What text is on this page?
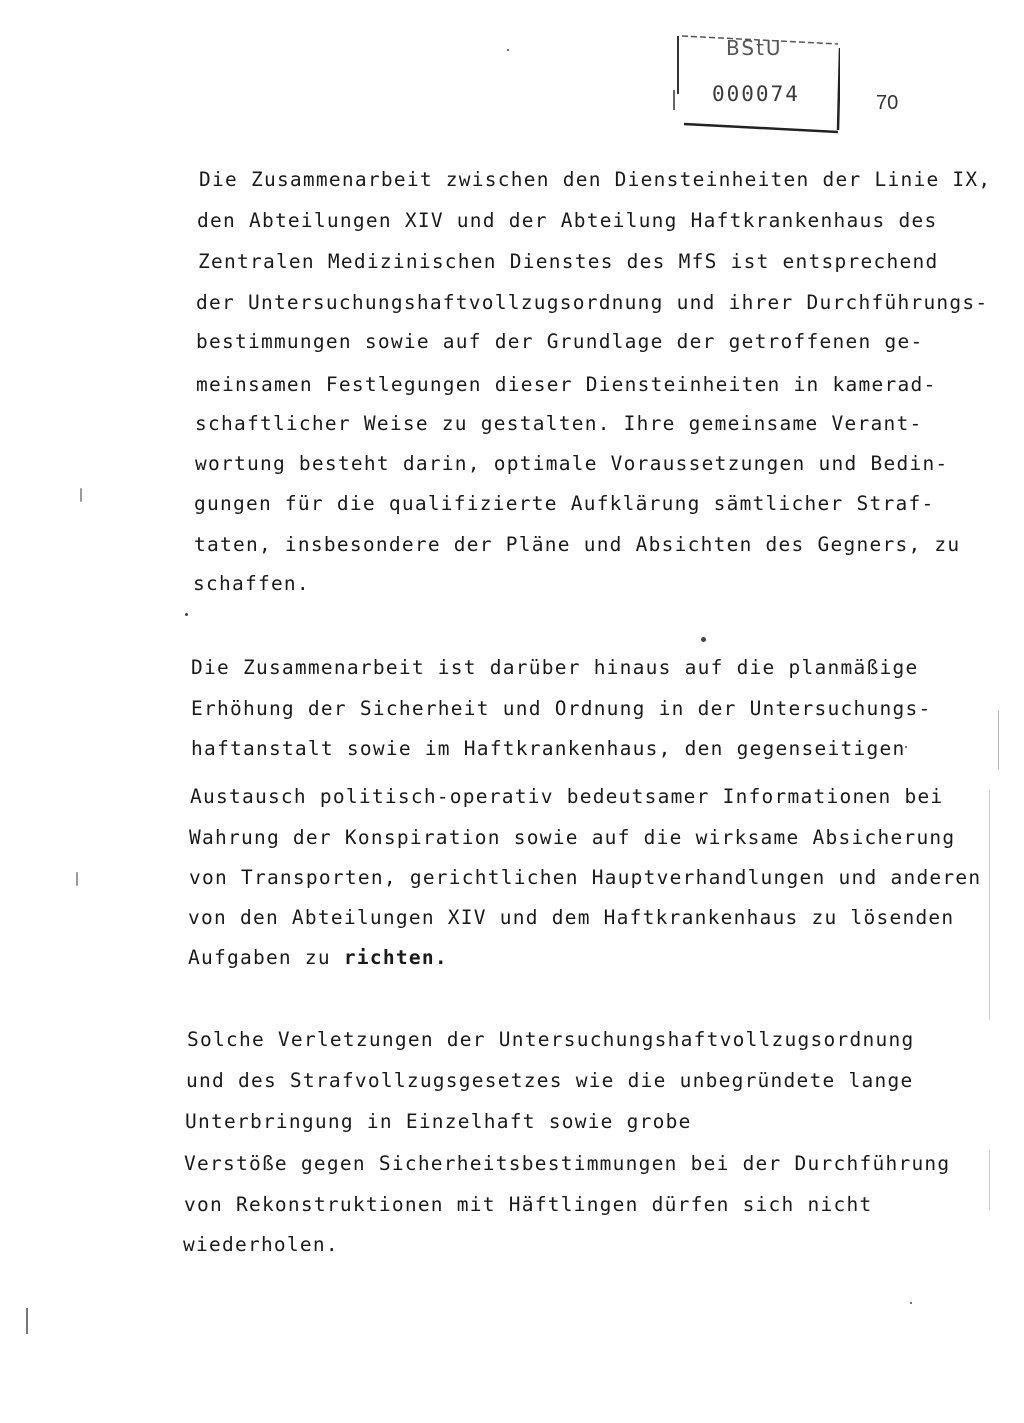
BStU
000074	70
Die Zusammenarbeit zwischen den Diensteinheiten der Linie IX,
den Abteilungen XIV und der Abteilung Haftkrankenhaus des
Zentralen Medizinischen Dienstes des MfS ist entsprechend
der Untersuchungshaftvollzugsordnung und ihrer Durchführungs-
bestimmungen sowie auf der Grundlage der getroffenen ge-
meinsamen Festlegungen dieser Diensteinheiten in kamerad-
schaftlicher Weise zu gestalten. Ihre gemeinsame Verant-
wortung besteht darin, optimale Voraussetzungen und Bedin-
gungen für die qualifizierte Aufklärung sämtlicher Straf-
taten, insbesondere der Pläne und Absichten des Gegners, zu
schaffen.
Die Zusammenarbeit ist darüber hinaus auf die planmäßige
Erhöhung der Sicherheit und Ordnung in der Untersuchungs-
haftanstalt sowie im Haftkrankenhaus, den gegenseitigen
Austausch politisch-operativ bedeutsamer Informationen bei
Wahrung der Konspiration sowie auf die wirksame Absicherung
von Transporten, gerichtlichen Hauptverhandlungen und anderen
von den Abteilungen XIV und dem Haftkrankenhaus zu lösenden
Aufgaben zu richten.
Solche Verletzungen der Untersuchungshaftvollzugsordnung
und des Strafvollzugsgesetzes wie die unbegründete lange
Unterbringung in Einzelhaft sowie grobe
Verstöße gegen Sicherheitsbestimmungen bei der Durchführung
von Rekonstruktionen mit Häftlingen dürfen sich nicht
wiederholen.
